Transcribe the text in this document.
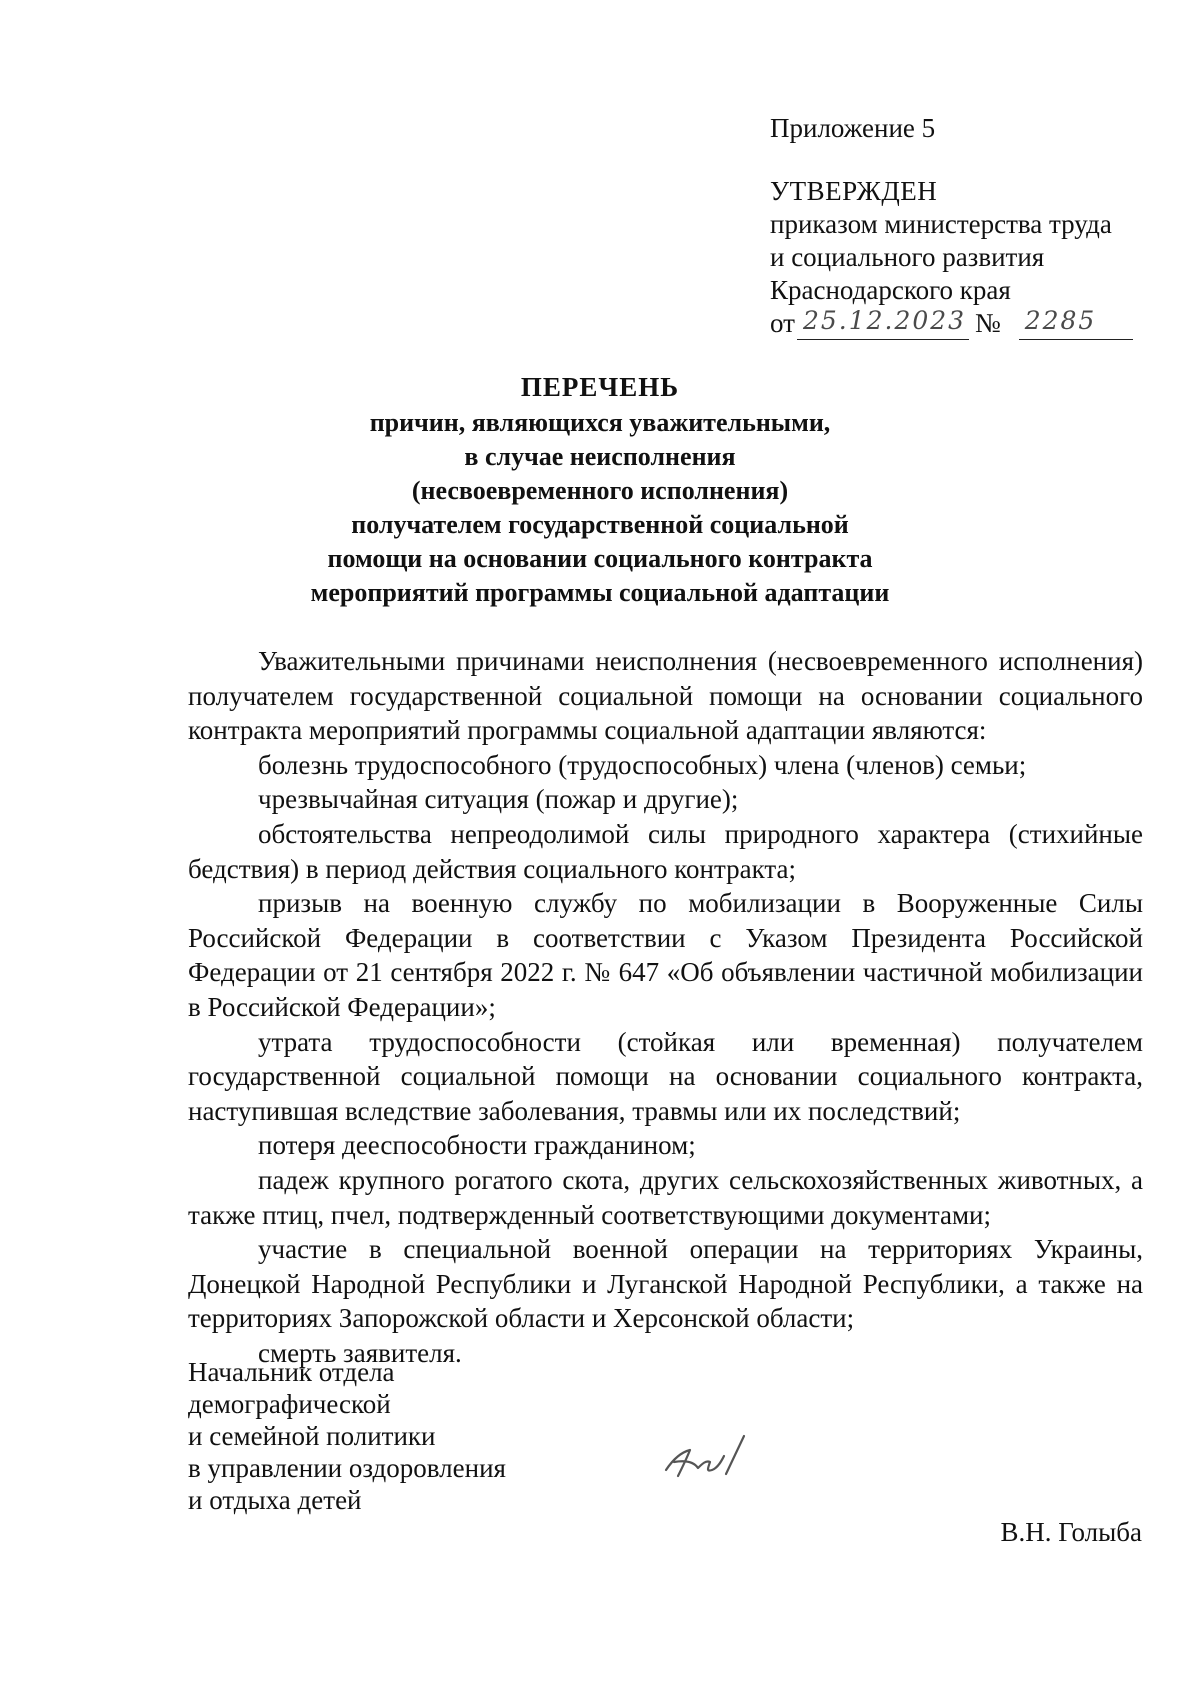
Приложение 5
УТВЕРЖДЕН
приказом министерства труда
и социального развития
Краснодарского края
от 25.12.2023 № 2285
ПЕРЕЧЕНЬ
причин, являющихся уважительными,
в случае неисполнения
(несвоевременного исполнения)
получателем государственной социальной
помощи на основании социального контракта
мероприятий программы социальной адаптации

Уважительными причинами неисполнения (несвоевременного исполнения) получателем государственной социальной помощи на основании социального контракта мероприятий программы социальной адаптации являются:

болезнь трудоспособного (трудоспособных) члена (членов) семьи;

чрезвычайная ситуация (пожар и другие);

обстоятельства непреодолимой силы природного характера (стихийные бедствия) в период действия социального контракта;

призыв на военную службу по мобилизации в Вооруженные Силы Российской Федерации в соответствии с Указом Президента Российской Федерации от 21 сентября 2022 г. № 647 «Об объявлении частичной мобилизации в Российской Федерации»;

утрата трудоспособности (стойкая или временная) получателем государственной социальной помощи на основании социального контракта, наступившая вследствие заболевания, травмы или их последствий;

потеря дееспособности гражданином;

падеж крупного рогатого скота, других сельскохозяйственных животных, а также птиц, пчел, подтвержденный соответствующими документами;

участие в специальной военной операции на территориях Украины, Донецкой Народной Республики и Луганской Народной Республики, а также на территориях Запорожской области и Херсонской области;

смерть заявителя.

Начальник отдела
демографической
и семейной политики
в управлении оздоровления
и отдыха детей
В.Н. Голыба
